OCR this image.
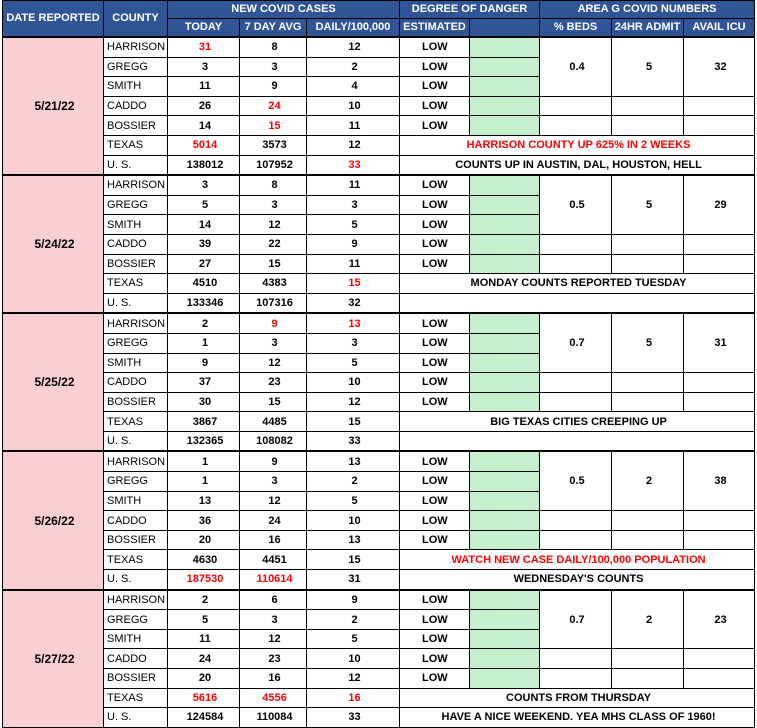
DATE REPORTED	COUNTY	NEW COVID CASES			DEGREE OF DANGER		AREA G COVID NUMBERS		
		TODAY	7 DAY AVG	DAILY/100,000	ESTIMATED		% BEDS	24HR ADMIT	AVAIL ICU
5/21/22	HARRISON	31	8	12	LOW		0.4	5	32
	GREGG	3	3	2	LOW				
	SMITH	11	9	4	LOW				
	CADDO	26	24	10	LOW				
	BOSSIER	14	15	11	LOW				
	TEXAS	5014	3573	12	HARRISON COUNTY UP 625% IN 2 WEEKS				
	U. S.	138012	107952	33	COUNTS UP IN AUSTIN, DAL, HOUSTON, HELL				
5/24/22	HARRISON	3	8	11	LOW		0.5	5	29
	GREGG	5	3	3	LOW				
	SMITH	14	12	5	LOW				
	CADDO	39	22	9	LOW				
	BOSSIER	27	15	11	LOW				
	TEXAS	4510	4383	15	MONDAY COUNTS REPORTED TUESDAY				
	U. S.	133346	107316	32					
5/25/22	HARRISON	2	9	13	LOW		0.7	5	31
	GREGG	1	3	3	LOW				
	SMITH	9	12	5	LOW				
	CADDO	37	23	10	LOW				
	BOSSIER	30	15	12	LOW				
	TEXAS	3867	4485	15	BIG TEXAS CITIES CREEPING UP				
	U. S.	132365	108082	33					
5/26/22	HARRISON	1	9	13	LOW		0.5	2	38
	GREGG	1	3	2	LOW				
	SMITH	13	12	5	LOW				
	CADDO	36	24	10	LOW				
	BOSSIER	20	16	13	LOW				
	TEXAS	4630	4451	15	WATCH NEW CASE DAILY/100,000 POPULATION				
	U. S.	187530	110614	31	WEDNESDAY'S COUNTS				
5/27/22	HARRISON	2	6	9	LOW		0.7	2	23
	GREGG	5	3	2	LOW				
	SMITH	11	12	5	LOW				
	CADDO	24	23	10	LOW				
	BOSSIER	20	16	12	LOW				
	TEXAS	5616	4556	16	COUNTS FROM THURSDAY				
	U. S.	124584	110084	33	HAVE A NICE WEEKEND. YEA MHS CLASS OF 1960!				
